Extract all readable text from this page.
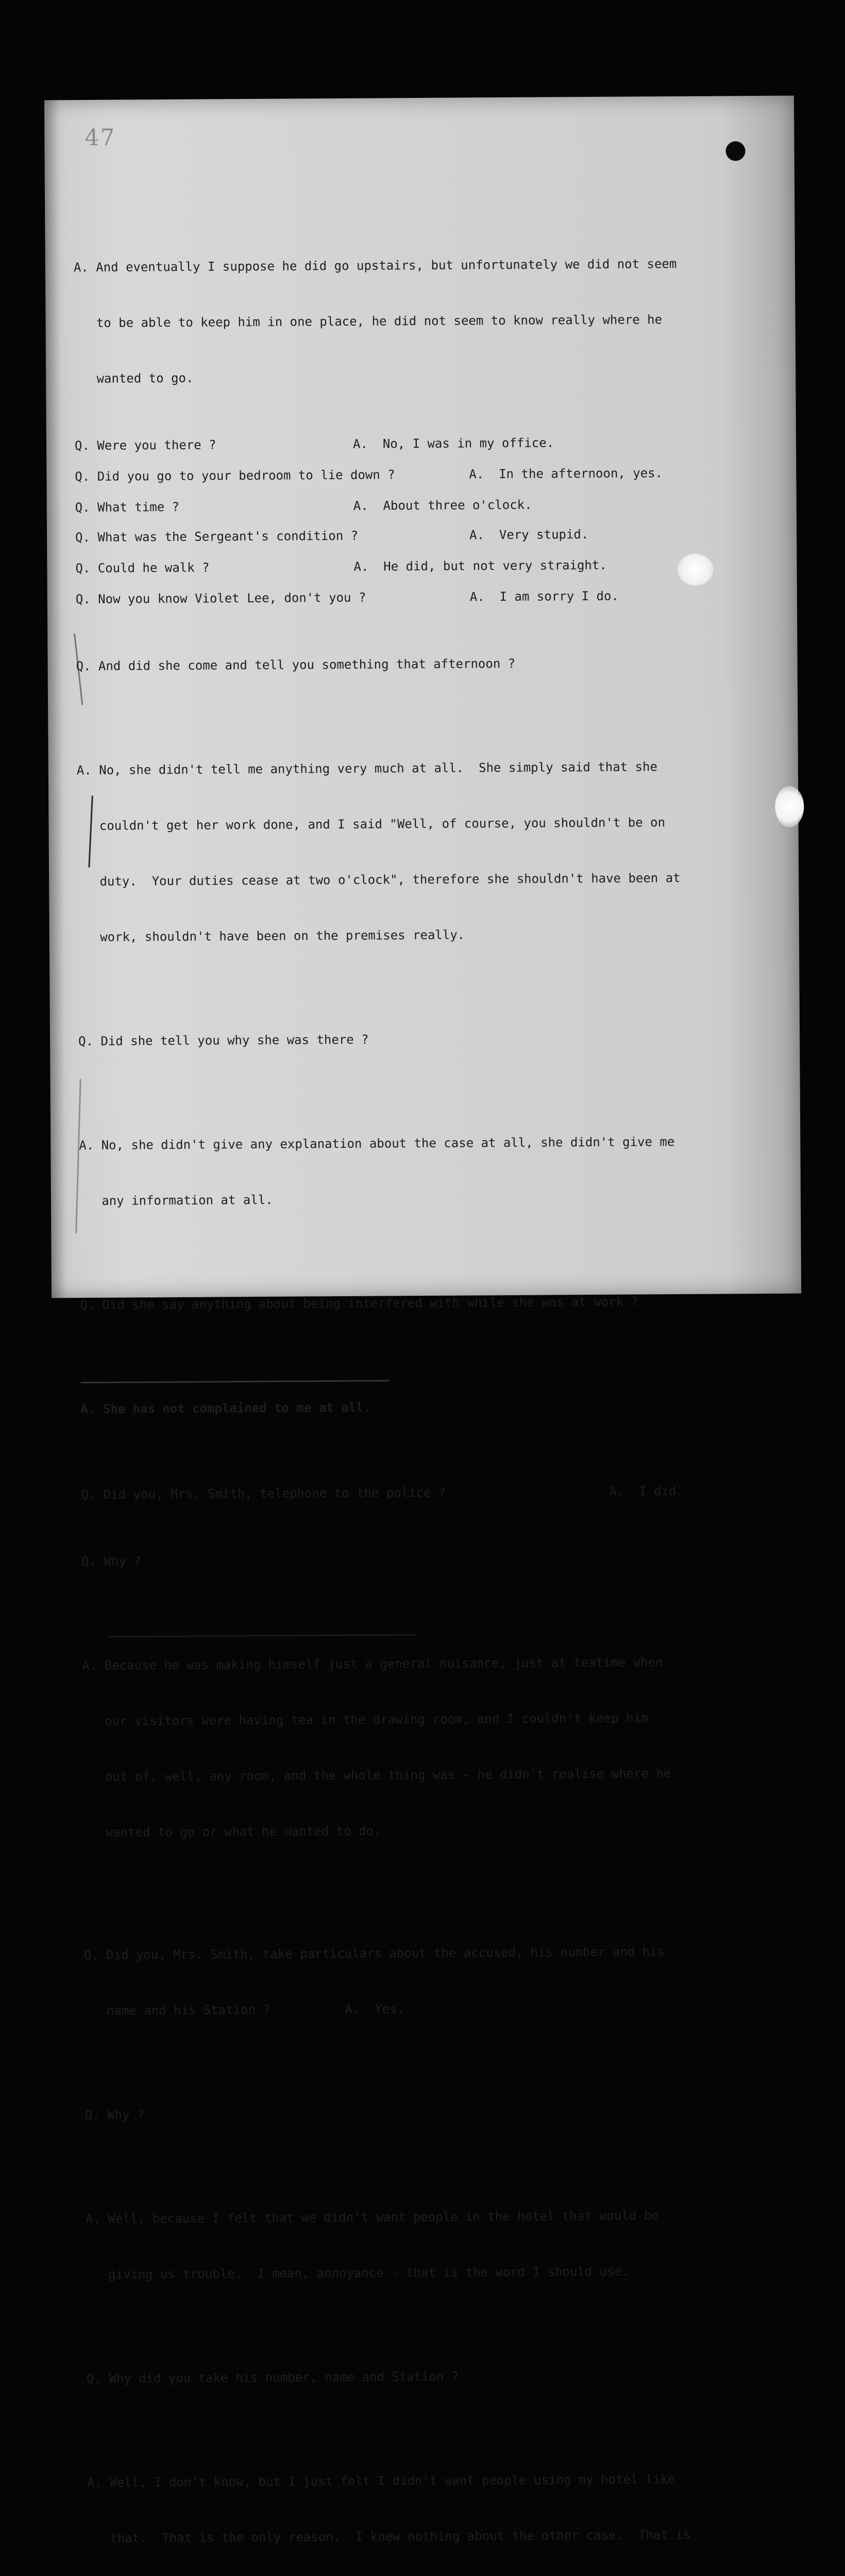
47

A. And eventually I suppose he did go upstairs, but unfortunately we did not seem

to be able to keep him in one place, he did not seem to know really where he

wanted to go.

Q. Were you there ?	A.  No, I was in my office.
Q. Did you go to your bedroom to lie down ?	A.  In the afternoon, yes.
Q. What time ?	A.  About three o'clock.
Q. What was the Sergeant's condition ?	A.  Very stupid.
Q. Could he walk ?	A.  He did, but not very straight.
Q. Now you know Violet Lee, don't you ?	A.  I am sorry I do.

Q. And did she come and tell you something that afternoon ?

A. No, she didn't tell me anything very much at all.  She simply said that she

couldn't get her work done, and I said "Well, of course, you shouldn't be on

duty.  Your duties cease at two o'clock", therefore she shouldn't have been at

work, shouldn't have been on the premises really.

Q. Did she tell you why she was there ?

A. No, she didn't give any explanation about the case at all, she didn't give me

any information at all.

Q. Did she say anything about being interfered with while she was at work ?

A. She has not complained to me at all.

Q. Did you, Mrs. Smith, telephone to the police ?	A.  I did.

Q. Why ?

A. Because he was making himself just a general nuisance, just at teatime when

our visitors were having tea in the drawing room, and I couldn't keep him

out of, well, any room, and the whole thing was - he didn't realise where he

wanted to go or what he wanted to do.

Q. Did you, Mrs. Smith, take particulars about the accused, his number and his

name and his Station ?          A.  Yes.

Q. Why ?

A. Well, because I felt that we didn't want people in the hotel that would be

giving us trouble.  I mean, annoyance - that is the word I should use.

Q. Why did you take his number, name and Station ?

A. Well, I don't know, but I just felt I didn't want people using my hotel like

that.  That is the only reason.  I knew nothing about the other case.  That is
